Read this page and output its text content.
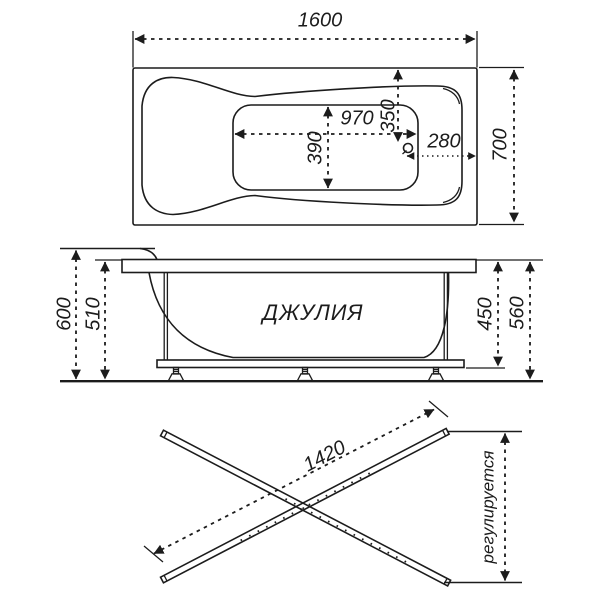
1600
970
390
350
280 700
ДЖУЛИЯ
600 510	450 560
1420	регулируется
